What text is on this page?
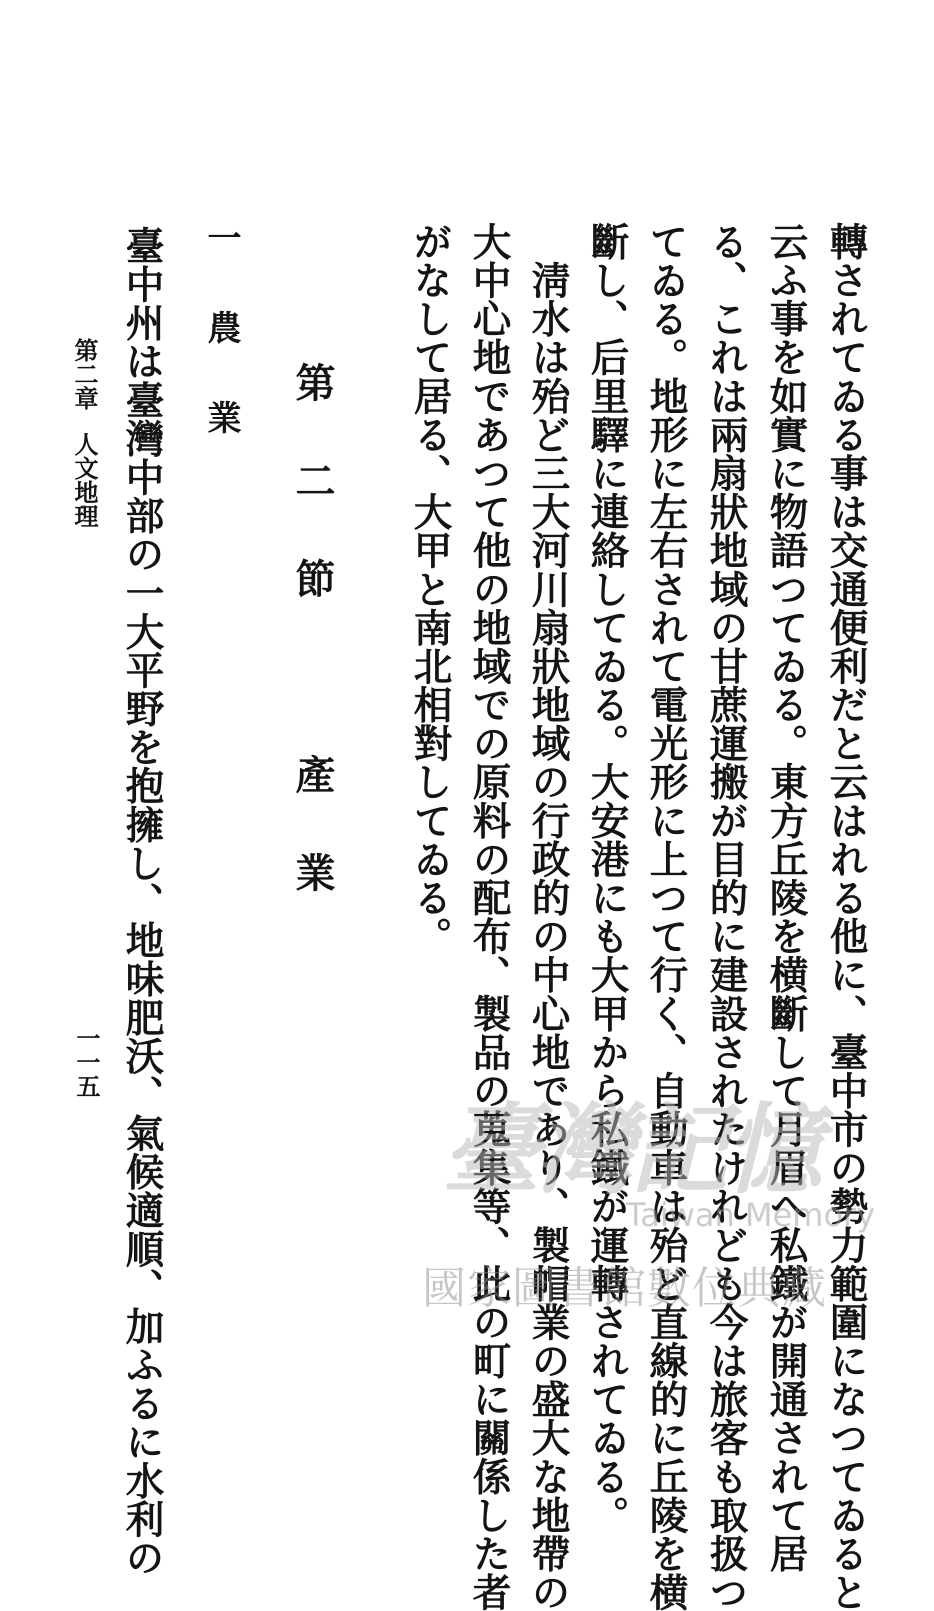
轉されてゐる事は交通便利だと云はれる他に、臺中市の勢力範圍になつてゐると
云ふ事を如實に物語つてゐる。東方丘陵を横斷して月眉へ私鐵が開通されて居
る、これは兩扇狀地域の甘蔗運搬が目的に建設されたけれども今は旅客も取扱つ
てゐる。地形に左右されて電光形に上つて行く、自動車は殆ど直線的に丘陵を横
斷し、后里驛に連絡してゐる。大安港にも大甲から私鐵が運轉されてゐる。
　淸水は殆ど三大河川扇狀地域の行政的の中心地であり、製帽業の盛大な地帶の
大中心地であつて他の地域での原料の配布、製品の蒐集等、此の町に關係した者
がなして居る、大甲と南北相對してゐる。
第二節　產業
一農業
臺中州は臺灣中部の一大平野を抱擁し、地味肥沃、氣候適順、加ふるに水利の
第二章人文地理
一一五
臺灣記憶
Taiwan Memory
國家圖書館數位典藏
